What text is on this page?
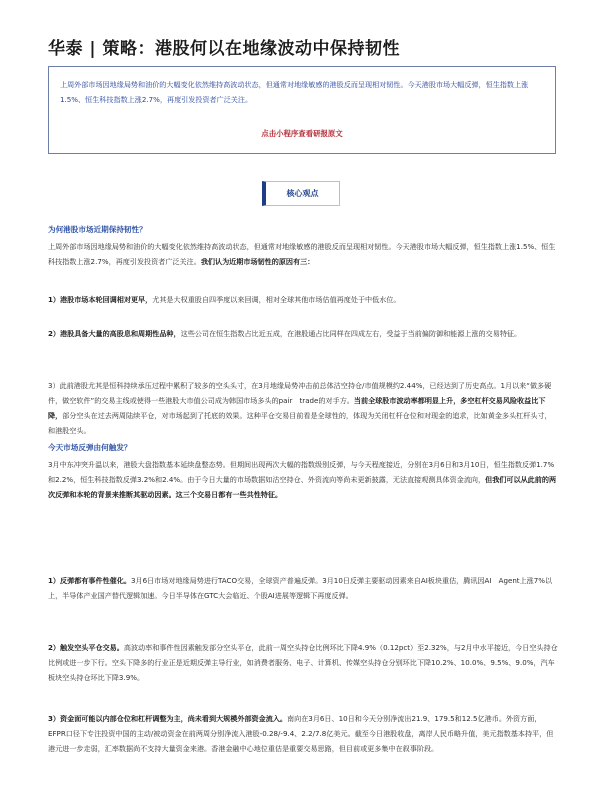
华泰 | 策略：港股何以在地缘波动中保持韧性
上周外部市场因地缘局势和油价的大幅变化依然维持高波动状态，但通常对地缘敏感的港股反而呈现相对韧性。今天港股市场大幅反弹，恒生指数上涨1.5%、恒生科技指数上涨2.7%，再度引发投资者广泛关注。
点击小程序查看研报原文
核心观点
为何港股市场近期保持韧性？
上周外部市场因地缘局势和油价的大幅变化依然维持高波动状态，但通常对地缘敏感的港股反而呈现相对韧性。今天港股市场大幅反弹，恒生指数上涨1.5%、恒生科技指数上涨2.7%，再度引发投资者广泛关注。我们认为近期市场韧性的原因有三：
1）港股市场本轮回调相对更早，尤其是大权重股自四季度以来回调，相对全球其他市场估值再度处于中低水位。
2）港股具备大量的高股息和周期性品种，这些公司在恒生指数占比近五成，在港股通占比同样在四成左右，受益于当前偏防御和能源上涨的交易特征。
3）此前港股尤其是恒科持续承压过程中累积了较多的空头头寸，在3月地缘局势冲击前总体沽空持仓/市值规模约2.44%，已经达到了历史高点。1月以来“做多硬件，做空软件”的交易主线或使得一些港股大市值公司成为韩国市场多头的pair　trade的对手方。当前全球股市波动率都明显上升，多空杠杆交易风险收益比下降，部分空头在过去两周陆续平仓，对市场起到了托底的效果。这种平仓交易目前看是全球性的，体现为关闭杠杆仓位和对现金的追求，比如黄金多头杠杆头寸，和港股空头。
今天市场反弹由何触发？
3月中东冲突升温以来，港股大盘指数基本延续盘整态势。但期间出现两次大幅的指数级别反弹，与今天程度接近，分别在3月6日和3月10日，恒生指数反弹1.7%和2.2%，恒生科技指数反弹3.2%和2.4%。由于今日大量的市场数据如沽空持仓、外资流向等尚未更新披露，无法直接观测具体资金流向，但我们可以从此前的两次反弹和本轮的背景来推断其驱动因素。这三个交易日都有一些共性特征。
1）反弹都有事件性催化。3月6日市场对地缘局势进行TACO交易，全球资产普遍反弹。3月10日反弹主要驱动因素来自AI板块重估，腾讯因AI　Agent上涨7%以上，半导体产业国产替代逻辑加速。今日半导体在GTC大会临近、个股AI进展等逻辑下再度反弹。
2）触发空头平仓交易。高波动率和事件性因素触发部分空头平仓，此前一周空头持仓比例环比下降4.9%（0.12pct）至2.32%，与2月中水平接近，今日空头持仓比例或进一步下行。空头下降多的行业正是近期反弹主导行业，如消费者服务、电子、计算机、传媒空头持仓分别环比下降10.2%、10.0%、9.5%、9.0%，汽车板块空头持仓环比下降3.9%。
3）资金面可能以内部仓位和杠杆调整为主，尚未看到大规模外部资金流入。南向在3月6日、10日和今天分别净流出21.9、179.5和12.5亿港币。外资方面，EFPR口径下专注投资中国的主动/被动资金在前两周分别净流入港股-0.28/-9.4、2.2/7.8亿美元。截至今日港股收盘，离岸人民币略升值，美元指数基本持平，但港元进一步走弱，汇率数据尚不支持大量资金来港。香港金融中心地位重估是重要交易思路，但目前或更多集中在叙事阶段。
